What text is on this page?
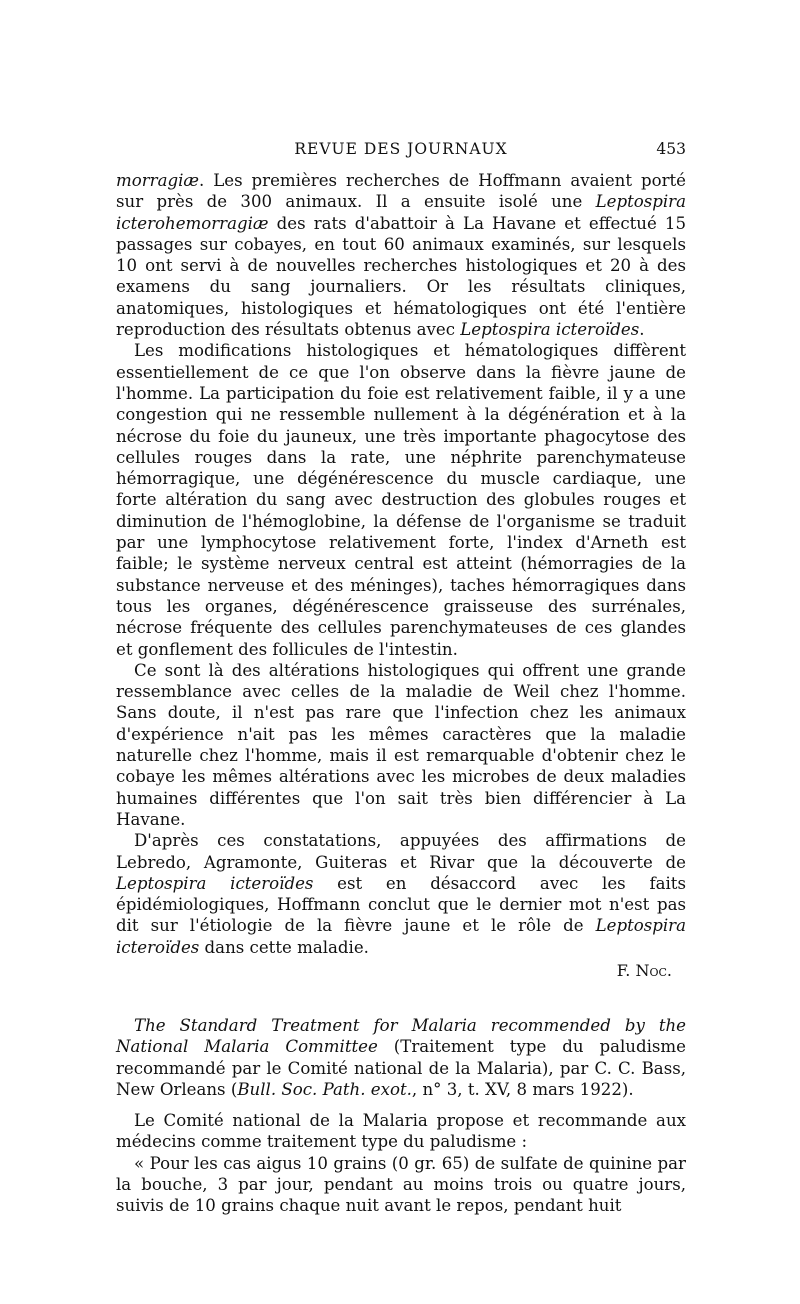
REVUE DES JOURNAUX	453

morragiæ. Les premières recherches de Hoffmann avaient porté sur près de 300 animaux. Il a ensuite isolé une Leptospira icterohemorragiæ des rats d'abattoir à La Havane et effectué 15 passages sur cobayes, en tout 60 animaux examinés, sur lesquels 10 ont servi à de nouvelles recherches histologiques et 20 à des examens du sang journaliers. Or les résultats cliniques, anatomiques, histologiques et hématologiques ont été l'entière reproduction des résultats obtenus avec Leptospira icteroïdes.

Les modifications histologiques et hématologiques diffèrent essentiellement de ce que l'on observe dans la fièvre jaune de l'homme. La participation du foie est relativement faible, il y a une congestion qui ne ressemble nullement à la dégénération et à la nécrose du foie du jauneux, une très importante phagocytose des cellules rouges dans la rate, une néphrite parenchymateuse hémorragique, une dégénérescence du muscle cardiaque, une forte altération du sang avec destruction des globules rouges et diminution de l'hémoglobine, la défense de l'organisme se traduit par une lymphocytose relativement forte, l'index d'Arneth est faible; le système nerveux central est atteint (hémorragies de la substance nerveuse et des méninges), taches hémorragiques dans tous les organes, dégénérescence graisseuse des surrénales, nécrose fréquente des cellules parenchymateuses de ces glandes et gonflement des follicules de l'intestin.

Ce sont là des altérations histologiques qui offrent une grande ressemblance avec celles de la maladie de Weil chez l'homme. Sans doute, il n'est pas rare que l'infection chez les animaux d'expérience n'ait pas les mêmes caractères que la maladie naturelle chez l'homme, mais il est remarquable d'obtenir chez le cobaye les mêmes altérations avec les microbes de deux maladies humaines différentes que l'on sait très bien différencier à La Havane.

D'après ces constatations, appuyées des affirmations de Lebredo, Agramonte, Guiteras et Rivar que la découverte de Leptospira icteroïdes est en désaccord avec les faits épidémiologiques, Hoffmann conclut que le dernier mot n'est pas dit sur l'étiologie de la fièvre jaune et le rôle de Leptospira icteroïdes dans cette maladie.

F. Noc.

The Standard Treatment for Malaria recommended by the National Malaria Committee (Traitement type du paludisme recommandé par le Comité national de la Malaria), par C. C. Bass, New Orleans (Bull. Soc. Path. exot., n° 3, t. XV, 8 mars 1922).

Le Comité national de la Malaria propose et recommande aux médecins comme traitement type du paludisme :

« Pour les cas aigus 10 grains (0 gr. 65) de sulfate de quinine par la bouche, 3 par jour, pendant au moins trois ou quatre jours, suivis de 10 grains chaque nuit avant le repos, pendant huit
